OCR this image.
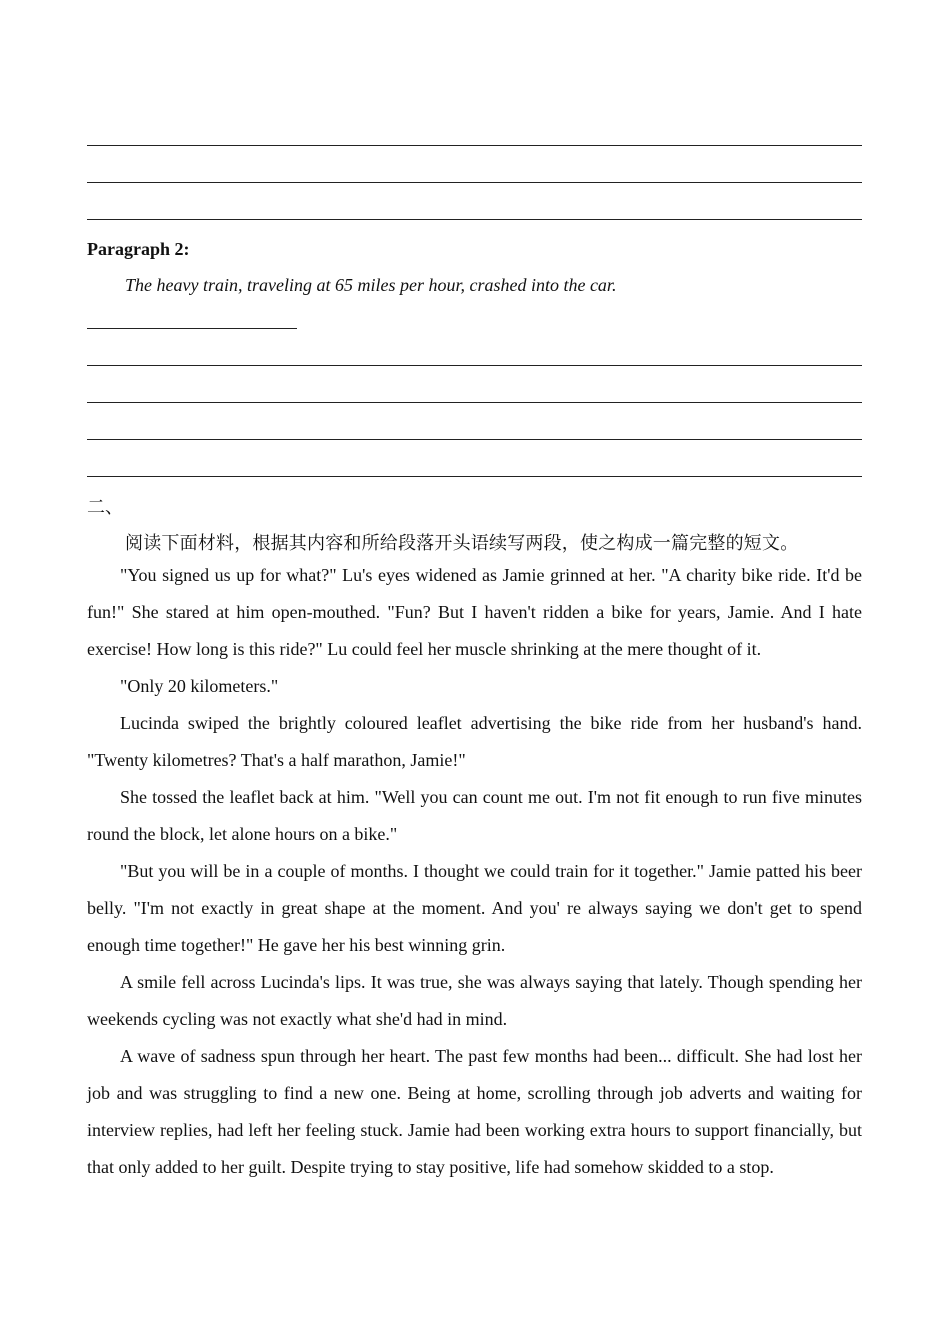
Paragraph 2:
The heavy train, traveling at 65 miles per hour, crashed into the car.
二、
阅读下面材料，根据其内容和所给段落开头语续写两段，使之构成一篇完整的短文。

"You signed us up for what?" Lu's eyes widened as Jamie grinned at her. "A charity bike ride. It'd be fun!" She stared at him open-mouthed. "Fun? But I haven't ridden a bike for years, Jamie. And I hate exercise! How long is this ride?" Lu could feel her muscle shrinking at the mere thought of it.

"Only 20 kilometers."

Lucinda swiped the brightly coloured leaflet advertising the bike ride from her husband's hand. "Twenty kilometres? That's a half marathon, Jamie!"

She tossed the leaflet back at him. "Well you can count me out. I'm not fit enough to run five minutes round the block, let alone hours on a bike."

"But you will be in a couple of months. I thought we could train for it together." Jamie patted his beer belly. "I'm not exactly in great shape at the moment. And you' re always saying we don't get to spend enough time together!" He gave her his best winning grin.

A smile fell across Lucinda's lips. It was true, she was always saying that lately. Though spending her weekends cycling was not exactly what she'd had in mind.

A wave of sadness spun through her heart. The past few months had been... difficult. She had lost her job and was struggling to find a new one. Being at home, scrolling through job adverts and waiting for interview replies, had left her feeling stuck. Jamie had been working extra hours to support financially, but that only added to her guilt. Despite trying to stay positive, life had somehow skidded to a stop.
